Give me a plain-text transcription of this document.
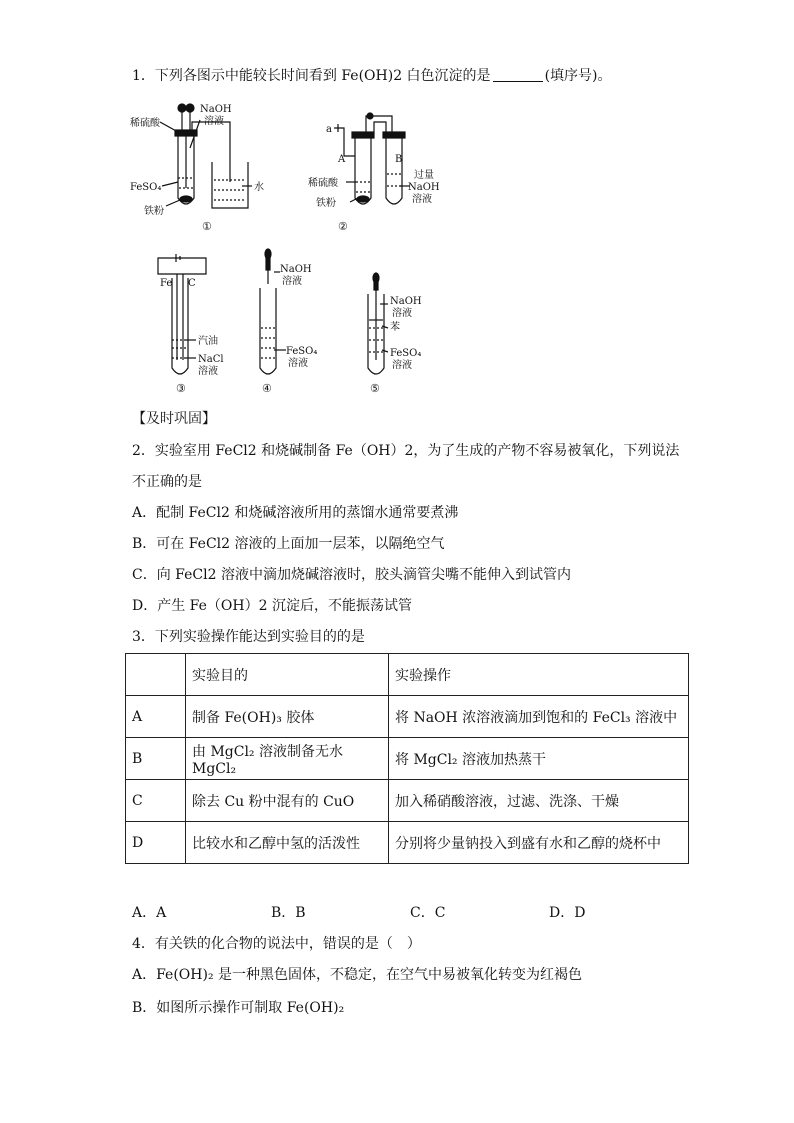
1．下列各图示中能较长时间看到 Fe(OH)2 白色沉淀的是	(填序号)。
NaOH
溶液
稀硫酸
FeSO₄
铁粉
水
①
a
A	B
稀硫酸
铁粉
过量
NaOH
溶液
②
Fe C
汽油
NaCl
溶液
③
NaOH
溶液
FeSO₄
溶液
④
NaOH
溶液
苯
FeSO₄
溶液
⑤
【及时巩固】
2．实验室用 FeCl2 和烧碱制备 Fe（OH）2，为了生成的产物不容易被氧化，下列说法
不正确的是
A．配制 FeCl2 和烧碱溶液所用的蒸馏水通常要煮沸
B．可在 FeCl2 溶液的上面加一层苯，以隔绝空气
C．向 FeCl2 溶液中滴加烧碱溶液时，胶头滴管尖嘴不能伸入到试管内
D．产生 Fe（OH）2 沉淀后，不能振荡试管
3．下列实验操作能达到实验目的的是
	实验目的	实验操作
A	制备 Fe(OH)₃ 胶体	将 NaOH 浓溶液滴加到饱和的 FeCl₃ 溶液中
B	由 MgCl₂ 溶液制备无水 MgCl₂	将 MgCl₂ 溶液加热蒸干
C	除去 Cu 粉中混有的 CuO	加入稀硝酸溶液，过滤、洗涤、干燥
D	比较水和乙醇中氢的活泼性	分别将少量钠投入到盛有水和乙醇的烧杯中
A．A	B．B	C．C	D．D
4．有关铁的化合物的说法中，错误的是（　）
A．Fe(OH)₂ 是一种黑色固体，不稳定，在空气中易被氧化转变为红褐色
B．如图所示操作可制取 Fe(OH)₂
